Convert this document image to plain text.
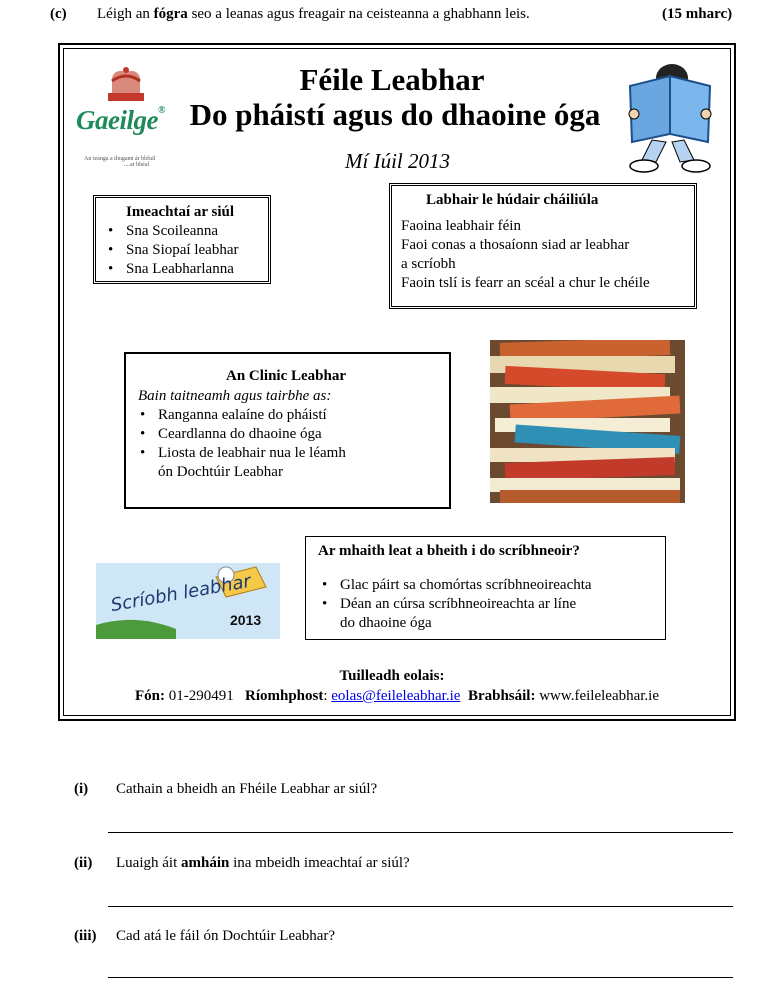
(c) Léigh an fógra seo a leanas agus freagair na ceisteanna a ghabhann leis.	(15 mharc)
Gaeilge®
An teanga a thugann ár bhfuil
....ar bhéal
Féile Leabhar
Do pháistí agus do dhaoine óga
Mí Iúil 2013
Imeachtaí ar siúl
• Sna Scoileanna
• Sna Siopaí leabhar
• Sna Leabharlanna
Labhair le húdair cháiliúla
Faoina leabhair féin
Faoi conas a thosaíonn siad ar leabhar
a scríobh
Faoin tslí is fearr an scéal a chur le chéile
An Clinic Leabhar
Bain taitneamh agus tairbhe as:
• Ranganna ealaíne do pháistí
• Ceardlanna do dhaoine óga
• Liosta de leabhair nua le léamh
ón Dochtúir Leabhar
Scríobh leabhar
2013
Ar mhaith leat a bheith i do scríbhneoir?
• Glac páirt sa chomórtas scríbhneoireachta
• Déan an cúrsa scríbhneoireachta ar líne
do dhaoine óga
Tuilleadh eolais:
Fón: 01-290491 Ríomhphost: eolas@feileleabhar.ie Brabhsáil: www.feileleabhar.ie
(i) Cathain a bheidh an Fhéile Leabhar ar siúl?
(ii) Luaigh áit amháin ina mbeidh imeachtaí ar siúl?
(iii) Cad atá le fáil ón Dochtúir Leabhar?
